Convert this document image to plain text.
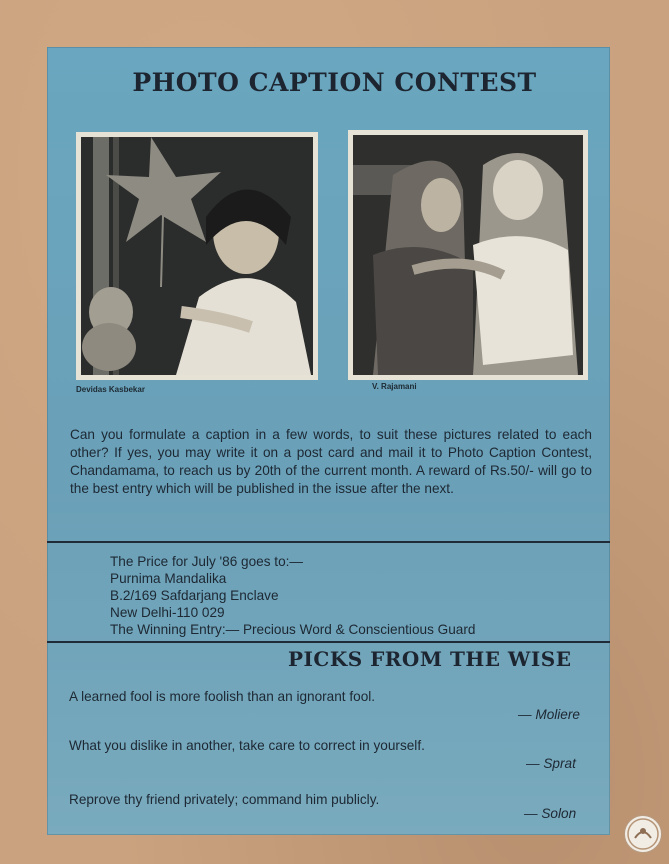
PHOTO CAPTION CONTEST
Devidas Kasbekar	V. Rajamani
Can you formulate a caption in a few words, to suit these pictures related to each other? If yes, you may write it on a post card and mail it to Photo Caption Contest, Chandamama, to reach us by 20th of the current month. A reward of Rs.50/- will go to the best entry which will be published in the issue after the next.
The Price for July '86 goes to:—
Purnima Mandalika
B.2/169 Safdarjang Enclave
New Delhi-110 029
The Winning Entry:— Precious Word & Conscientious Guard
PICKS FROM THE WISE
A learned fool is more foolish than an ignorant fool.
— Moliere
What you dislike in another, take care to correct in yourself.
— Sprat
Reprove thy friend privately; command him publicly.
— Solon
